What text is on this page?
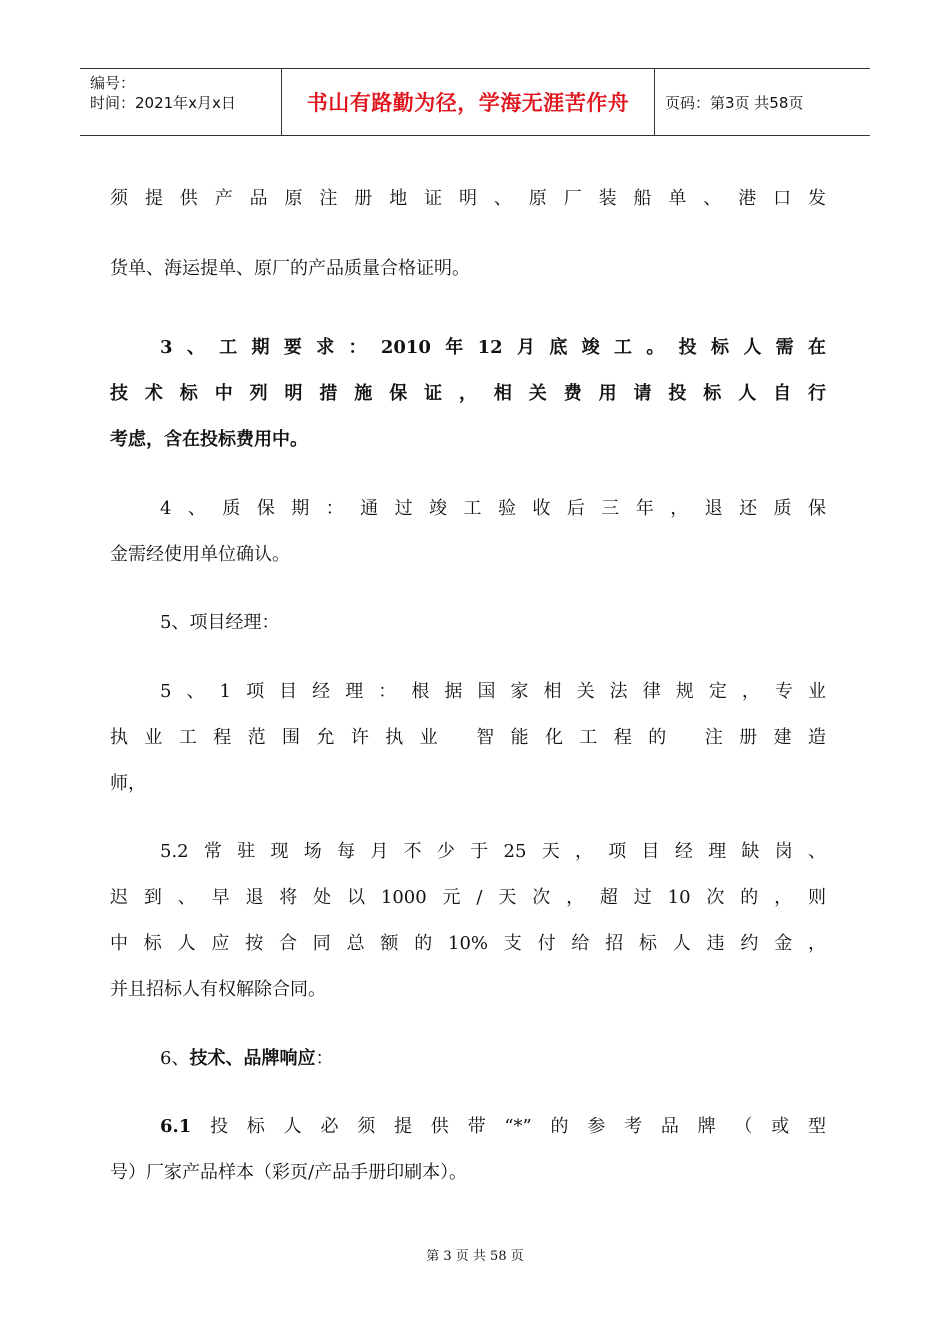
编号：
时间：2021年x月x日	书山有路勤为径，学海无涯苦作舟	页码：第3页 共58页
须提供产品原注册地证明、原厂装船单、港口发
货单、海运提单、原厂的产品质量合格证明。
3、工期要求：2010年12月底竣工。投标人需在
技术标中列明措施保证，相关费用请投标人自行
考虑，含在投标费用中。
4、质保期：通过竣工验收后三年，退还质保
金需经使用单位确认。
5、项目经理：
5、1项目经理：根据国家相关法律规定，专业
执业工程范围允许执业 智能化工程的 注册建造
师，
5.2常驻现场每月不少于25天，项目经理缺岗、
迟到、早退将处以1000元/天次，超过10次的，则
中标人应按合同总额的10%支付给招标人违约金，
并且招标人有权解除合同。
6、技术、品牌响应：
6.1投标人必须提供带“*”的参考品牌（或型
号）厂家产品样本（彩页/产品手册印刷本）。
第 3 页 共 58 页
